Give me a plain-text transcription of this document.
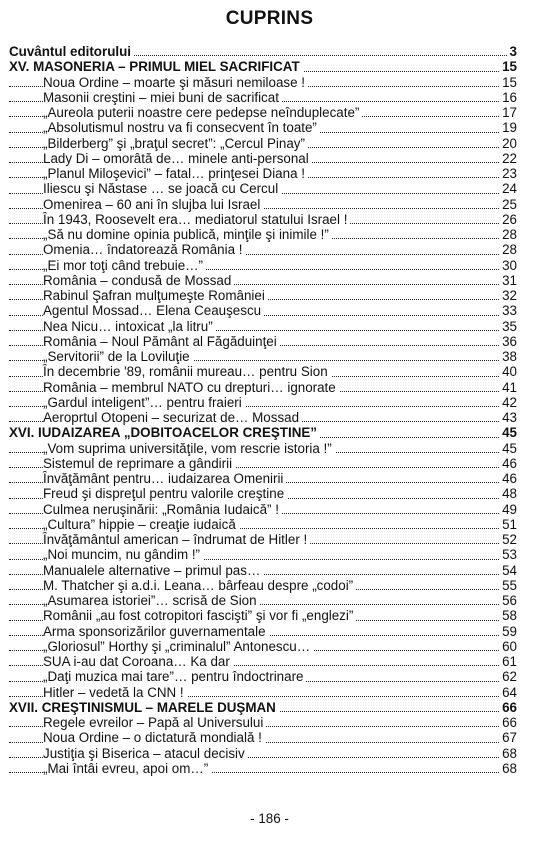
CUPRINS
Cuvântul editorului	3
XV. MASONERIA – PRIMUL MIEL SACRIFICAT	15
Noua Ordine – moarte şi măsuri nemiloase !	15
Masonii creştini – miei buni de sacrificat	16
„Aureola puterii noastre cere pedepse neînduplecate”	17
„Absolutismul nostru va fi consecvent în toate”	19
„Bilderberg” şi „braţul secret”: „Cercul Pinay”	20
Lady Di – omorâtă de… minele anti-personal	22
„Planul Miloşevici” – fatal… prinţesei Diana !	23
Iliescu şi Năstase … se joacă cu Cercul	24
Omenirea – 60 ani în slujba lui Israel	25
În 1943, Roosevelt era… mediatorul statului Israel !	26
„Să nu domine opinia publică, minţile şi inimile !”	28
Omenia… îndatorează România !	28
„Ei mor toţi când trebuie…”	30
România – condusă de Mossad	31
Rabinul Şafran mulţumeşte României	32
Agentul Mossad… Elena Ceauşescu	33
Nea Nicu… intoxicat „la litru”	35
România – Noul Pământ al Făgăduinţei	36
„Servitorii” de la Loviluţie	38
În decembrie '89, românii mureau… pentru Sion	40
România – membrul NATO cu drepturi… ignorate	41
„Gardul inteligent”… pentru fraieri	42
Aeroprtul Otopeni – securizat de… Mossad	43
XVI. IUDAIZAREA „DOBITOACELOR CREŞTINE”	45
„Vom suprima universităţile, vom rescrie istoria !”	45
Sistemul de reprimare a gândirii	46
Învăţământ pentru… iudaizarea Omenirii	46
Freud şi dispreţul pentru valorile creştine	48
Culmea neruşinării: „România Iudaică” !	49
„Cultura” hippie – creaţie iudaică	51
Învăţământul american – îndrumat de Hitler !	52
„Noi muncim, nu gândim !”	53
Manualele alternative – primul pas…	54
M. Thatcher şi a.d.i. Leana… bârfeau despre „codoi”	55
„Asumarea istoriei”… scrisă de Sion	56
Românii „au fost cotropitori fascişti” şi vor fi „englezi”	58
Arma sponsorizărilor guvernamentale	59
„Gloriosul” Horthy şi „criminalul” Antonescu…	60
SUA i-au dat Coroana… Ka dar	61
„Daţi muzica mai tare”… pentru îndoctrinare	62
Hitler – vedetă la CNN !	64
XVII. CREŞTINISMUL – MARELE DUŞMAN	66
Regele evreilor – Papă al Universului	66
Noua Ordine – o dictatură mondială !	67
Justiţia şi Biserica – atacul decisiv	68
„Mai întâi evreu, apoi om…”	68
- 186 -
